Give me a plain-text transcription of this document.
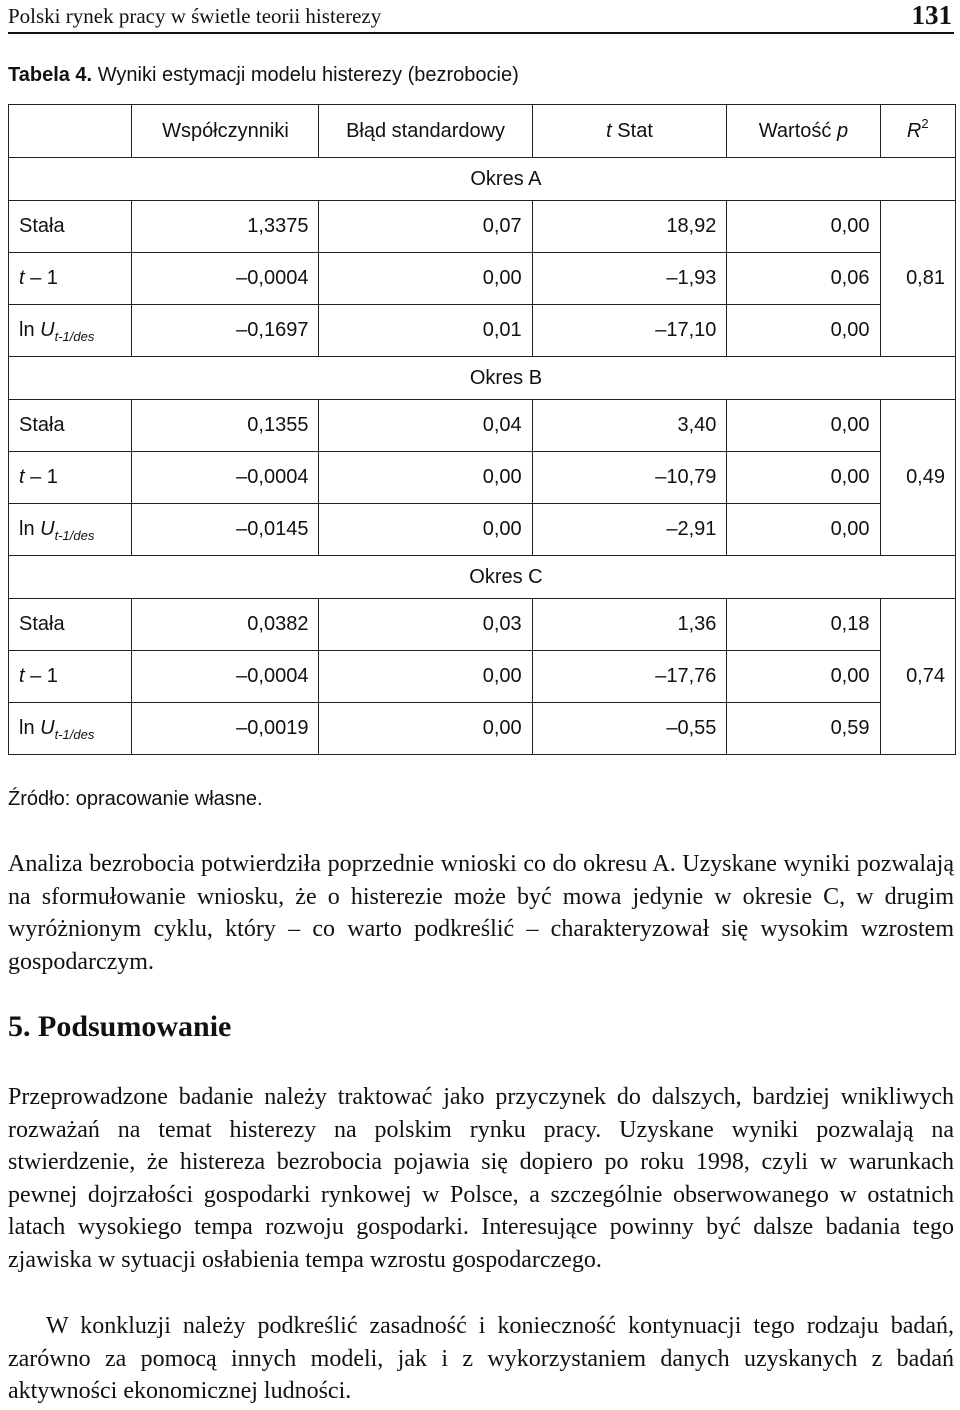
Polski rynek pracy w świetle teorii histerezy	131
Tabela 4. Wyniki estymacji modelu histerezy (bezrobocie)
	Współczynniki	Błąd standardowy	t Stat	Wartość p	$R^2$
	Okres A				
Stała	1,3375	0,07	18,92	0,00	0,81
t – 1	–0,0004	0,00	–1,93	0,06	
$\ln U_{t-1/des}$	–0,1697	0,01	–17,10	0,00	
	Okres B				
Stała	0,1355	0,04	3,40	0,00	0,49
t – 1	–0,0004	0,00	–10,79	0,00	
$\ln U_{t-1/des}$	–0,0145	0,00	–2,91	0,00	
	Okres C				
Stała	0,0382	0,03	1,36	0,18	0,74
t – 1	–0,0004	0,00	–17,76	0,00	
$\ln U_{t-1/des}$	–0,0019	0,00	–0,55	0,59	
Źródło: opracowanie własne.

Analiza bezrobocia potwierdziła poprzednie wnioski co do okresu A. Uzyskane wyniki pozwalają na sformułowanie wniosku, że o histerezie może być mowa jedynie w okresie C, w drugim wyróżnionym cyklu, który – co warto podkreślić – charakteryzował się wysokim wzrostem gospodarczym.

5. Podsumowanie

Przeprowadzone badanie należy traktować jako przyczynek do dalszych, bardziej wnikliwych rozważań na temat histerezy na polskim rynku pracy. Uzyskane wyniki pozwalają na stwierdzenie, że histereza bezrobocia pojawia się dopiero po roku 1998, czyli w warunkach pewnej dojrzałości gospodarki rynkowej w Polsce, a szczególnie obserwowanego w ostatnich latach wysokiego tempa rozwoju gospodarki. Interesujące powinny być dalsze badania tego zjawiska w sytuacji osłabienia tempa wzrostu gospodarczego.

W konkluzji należy podkreślić zasadność i konieczność kontynuacji tego rodzaju badań, zarówno za pomocą innych modeli, jak i z wykorzystaniem danych uzyskanych z badań aktywności ekonomicznej ludności.
